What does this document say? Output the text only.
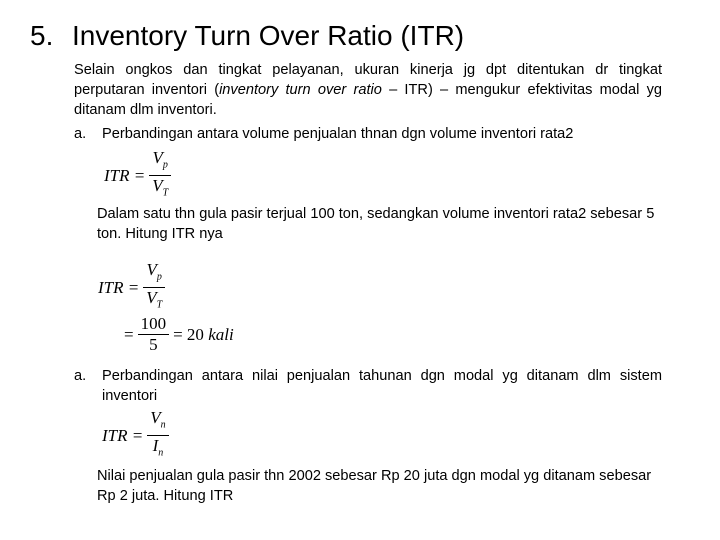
5. Inventory Turn Over Ratio (ITR)
Selain ongkos dan tingkat pelayanan, ukuran kinerja jg dpt ditentukan dr tingkat perputaran inventori (inventory turn over ratio – ITR) – mengukur efektivitas modal yg ditanam dlm inventori.
a. Perbandingan antara volume penjualan thnan dgn volume inventori rata2
ITR = $\frac{V_p}{V_T}$
Dalam satu thn gula pasir terjual 100 ton, sedangkan volume inventori rata2 sebesar 5 ton. Hitung ITR nya
ITR = $\frac{V_p}{V_T}$
= $\frac{100}{5} = 20$ kali
a. Perbandingan antara nilai penjualan tahunan dgn modal yg ditanam dlm sistem inventori
ITR = $\frac{V_n}{I_n}$
Nilai penjualan gula pasir thn 2002 sebesar Rp 20 juta dgn modal yg ditanam sebesar Rp 2 juta. Hitung ITR
